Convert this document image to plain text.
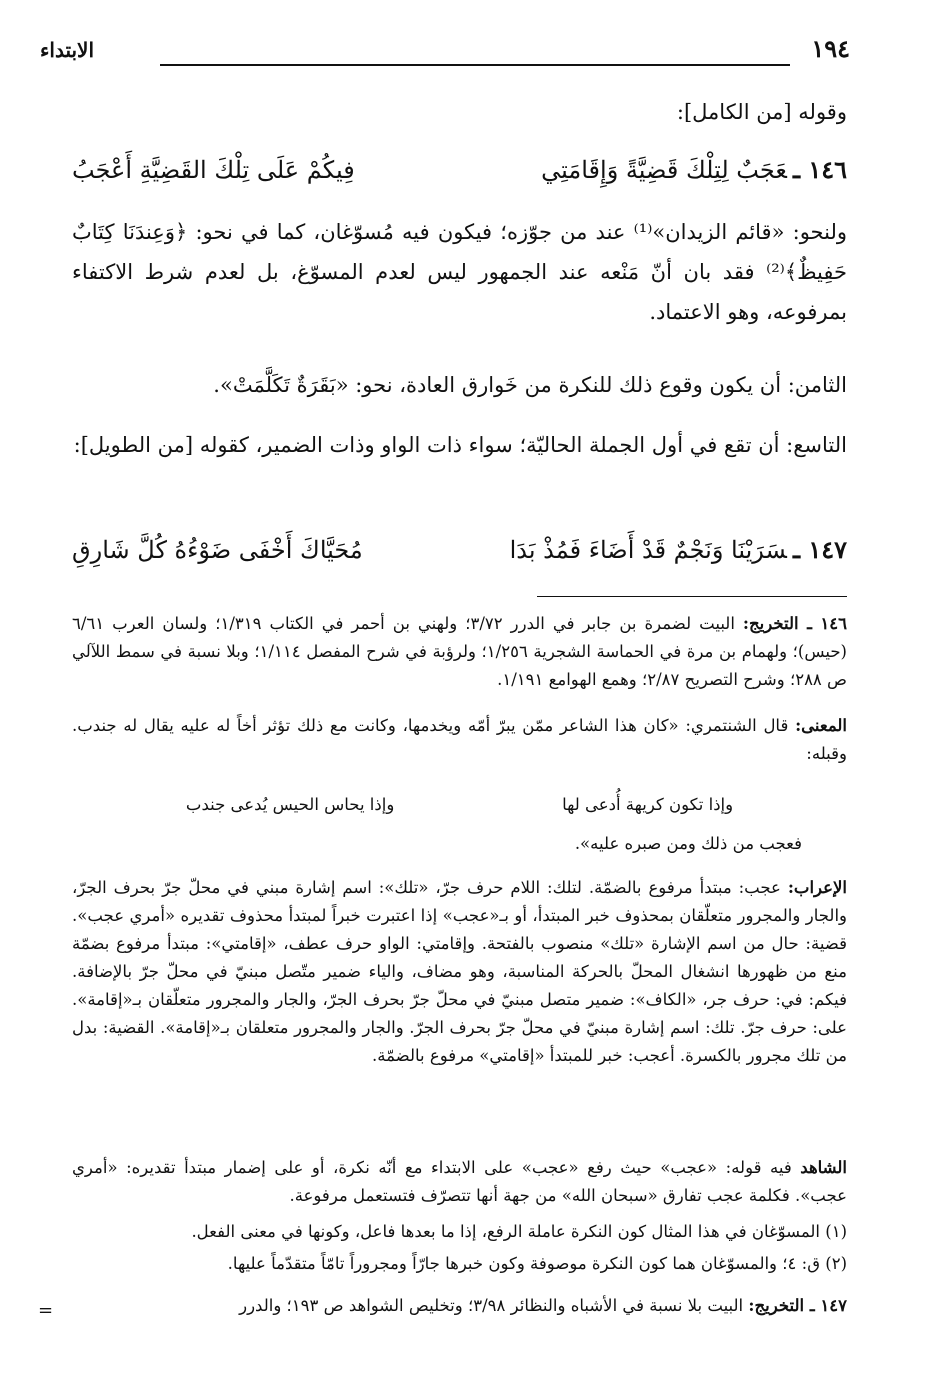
١٩٤
الابتداء
وقوله [من الكامل]:
١٤٦ ـعَجَبٌ لِتِلْكَ قَضِيَّةً وَإِقَامَتِي
فِيكُمْ عَلَى تِلْكَ القَضِيَّةِ أَعْجَبُ
ولنحو: «قائم الزيدان»⁽¹⁾ عند من جوّزه؛ فيكون فيه مُسوّغان، كما في نحو: ﴿وَعِندَنَا كِتَابٌ حَفِيظٌ﴾⁽²⁾ فقد بان أنّ مَنْعه عند الجمهور ليس لعدم المسوّغ، بل لعدم شرط الاكتفاء بمرفوعه، وهو الاعتماد.
الثامن: أن يكون وقوع ذلك للنكرة من خَوارق العادة، نحو: «بَقَرَةٌ تَكَلَّمَتْ».
التاسع: أن تقع في أول الجملة الحاليّة؛ سواء ذات الواو وذات الضمير، كقوله [من الطويل]:
١٤٧ ـسَرَيْنَا وَنَجْمٌ قَدْ أَضَاءَ فَمُذْ بَدَا
مُحَيَّاكَ أَخْفَى ضَوْءُهُ كُلَّ شَارِقِ
١٤٦ ـ التخريج: البيت لضمرة بن جابر في الدرر ٣/٧٢؛ ولهني بن أحمر في الكتاب ١/٣١٩؛ ولسان العرب ٦/٦١ (حيس)؛ ولهمام بن مرة في الحماسة الشجرية ١/٢٥٦؛ ولرؤبة في شرح المفصل ١/١١٤؛ وبلا نسبة في سمط اللآلي ص ٢٨٨؛ وشرح التصريح ٢/٨٧؛ وهمع الهوامع ١/١٩١.
المعنى: قال الشنتمري: «كان هذا الشاعر ممّن يبرّ أمّه ويخدمها، وكانت مع ذلك تؤثر أخاً له عليه يقال له جندب. وقبله:
وإذا تكون كريهة أُدعى لها
وإذا يحاس الحيس يُدعى جندب
فعجب من ذلك ومن صبره عليه».
الإعراب: عجب: مبتدأ مرفوع بالضمّة. لتلك: اللام حرف جرّ، «تلك»: اسم إشارة مبني في محلّ جرّ بحرف الجرّ، والجار والمجرور متعلّقان بمحذوف خبر المبتدأ، أو بـ«عجب» إذا اعتبرت خبراً لمبتدأ محذوف تقديره «أمري عجب». قضية: حال من اسم الإشارة «تلك» منصوب بالفتحة. وإقامتي: الواو حرف عطف، «إقامتي»: مبتدأ مرفوع بضمّة منع من ظهورها انشغال المحلّ بالحركة المناسبة، وهو مضاف، والياء ضمير متّصل مبنيّ في محلّ جرّ بالإضافة. فيكم: في: حرف جر، «الكاف»: ضمير متصل مبنيّ في محلّ جرّ بحرف الجرّ، والجار والمجرور متعلّقان بـ«إقامة». على: حرف جرّ. تلك: اسم إشارة مبنيّ في محلّ جرّ بحرف الجرّ. والجار والمجرور متعلقان بـ«إقامة». القضية: بدل من تلك مجرور بالكسرة. أعجب: خبر للمبتدأ «إقامتي» مرفوع بالضمّة.
الشاهد فيه قوله: «عجب» حيث رفع «عجب» على الابتداء مع أنّه نكرة، أو على إضمار مبتدأ تقديره: «أمري عجب». فكلمة عجب تفارق «سبحان الله» من جهة أنها تتصرّف فتستعمل مرفوعة.
(١) المسوّغان في هذا المثال كون النكرة عاملة الرفع، إذا ما بعدها فاعل، وكونها في معنى الفعل.
(٢) ق: ٤؛ والمسوّغان هما كون النكرة موصوفة وكون خبرها جارّاً ومجروراً تامّاً متقدّماً عليها.
١٤٧ ـ التخريج: البيت بلا نسبة في الأشباه والنظائر ٣/٩٨؛ وتخليص الشواهد ص ١٩٣؛ والدرر
=
